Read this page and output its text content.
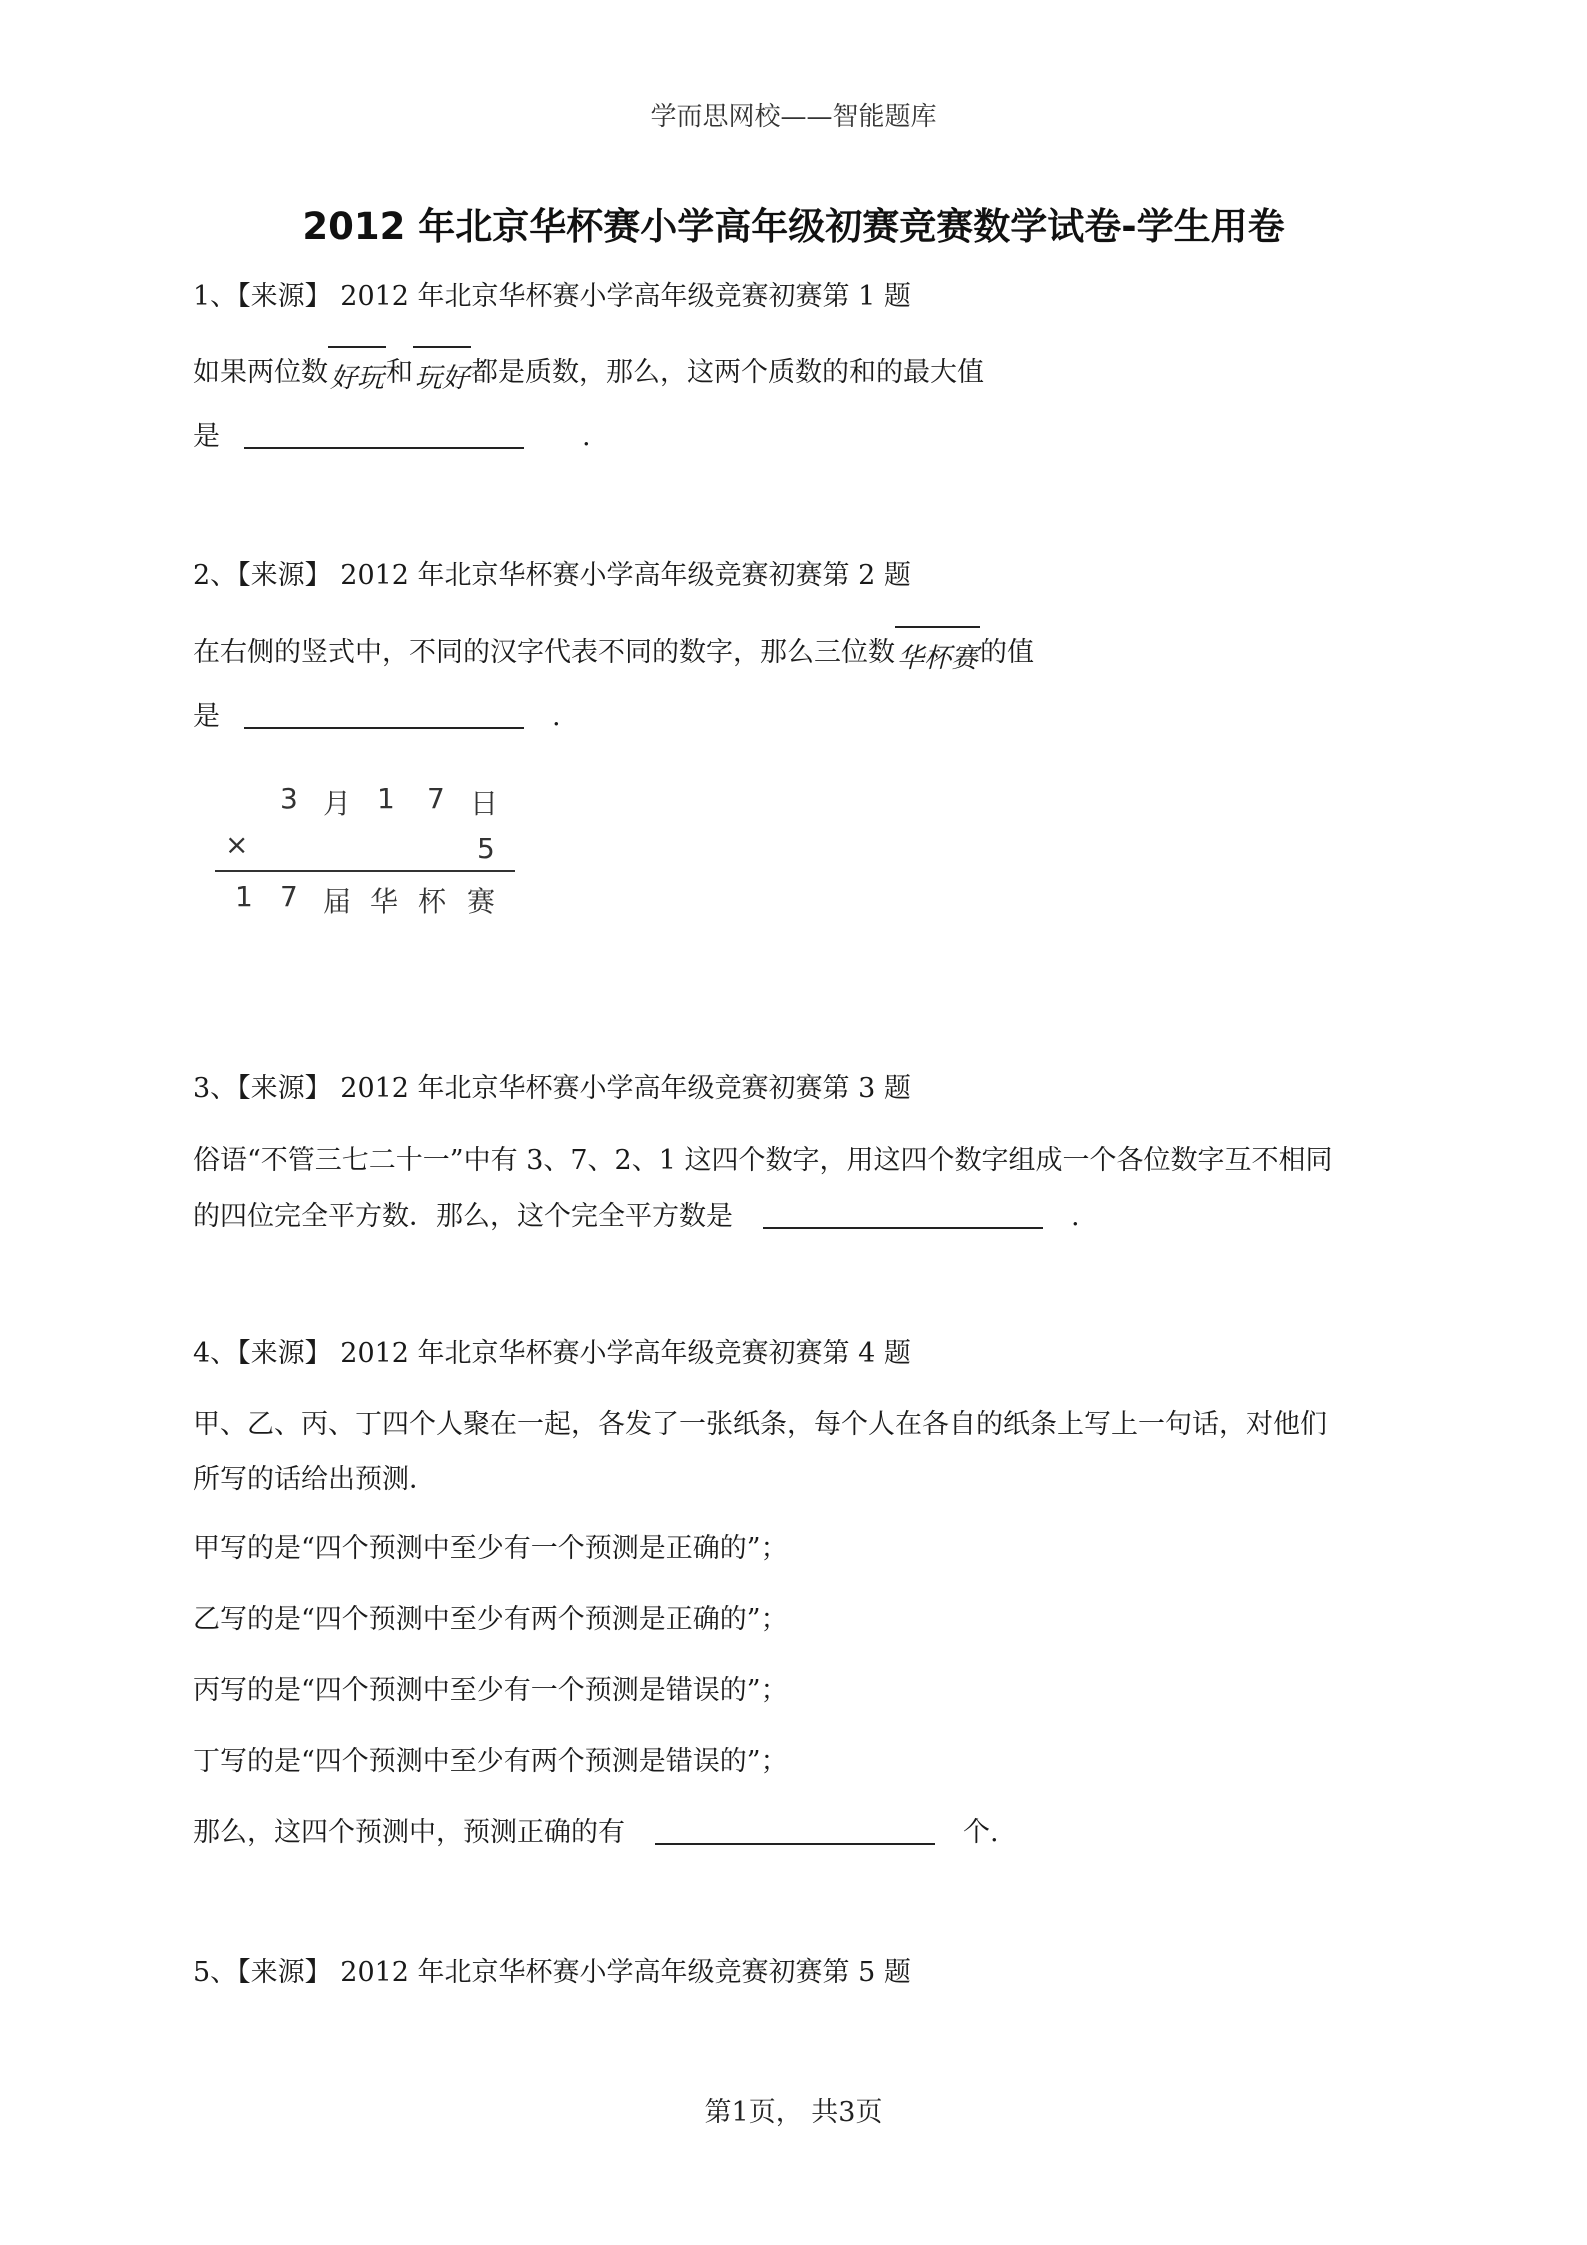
学而思网校——智能题库
2012 年北京华杯赛小学高年级初赛竞赛数学试卷-学生用卷
1、【来源】 2012 年北京华杯赛小学高年级竞赛初赛第 1 题
如果两位数好玩和玩好都是质数，那么，这两个质数的和的最大值
是	.
2、【来源】 2012 年北京华杯赛小学高年级竞赛初赛第 2 题
在右侧的竖式中，不同的汉字代表不同的数字，那么三位数华杯赛的值
是	.
3 月 1 7 日
×	5
1 7 届 华 杯 赛
3、【来源】 2012 年北京华杯赛小学高年级竞赛初赛第 3 题
俗语“不管三七二十一”中有 3、7、2、1 这四个数字，用这四个数字组成一个各位数字互不相同
的四位完全平方数．那么，这个完全平方数是	.
4、【来源】 2012 年北京华杯赛小学高年级竞赛初赛第 4 题
甲、乙、丙、丁四个人聚在一起，各发了一张纸条，每个人在各自的纸条上写上一句话，对他们
所写的话给出预测．
甲写的是“四个预测中至少有一个预测是正确的”；
乙写的是“四个预测中至少有两个预测是正确的”；
丙写的是“四个预测中至少有一个预测是错误的”；
丁写的是“四个预测中至少有两个预测是错误的”；
那么，这四个预测中，预测正确的有	个.
5、【来源】 2012 年北京华杯赛小学高年级竞赛初赛第 5 题
第1页， 共3页
